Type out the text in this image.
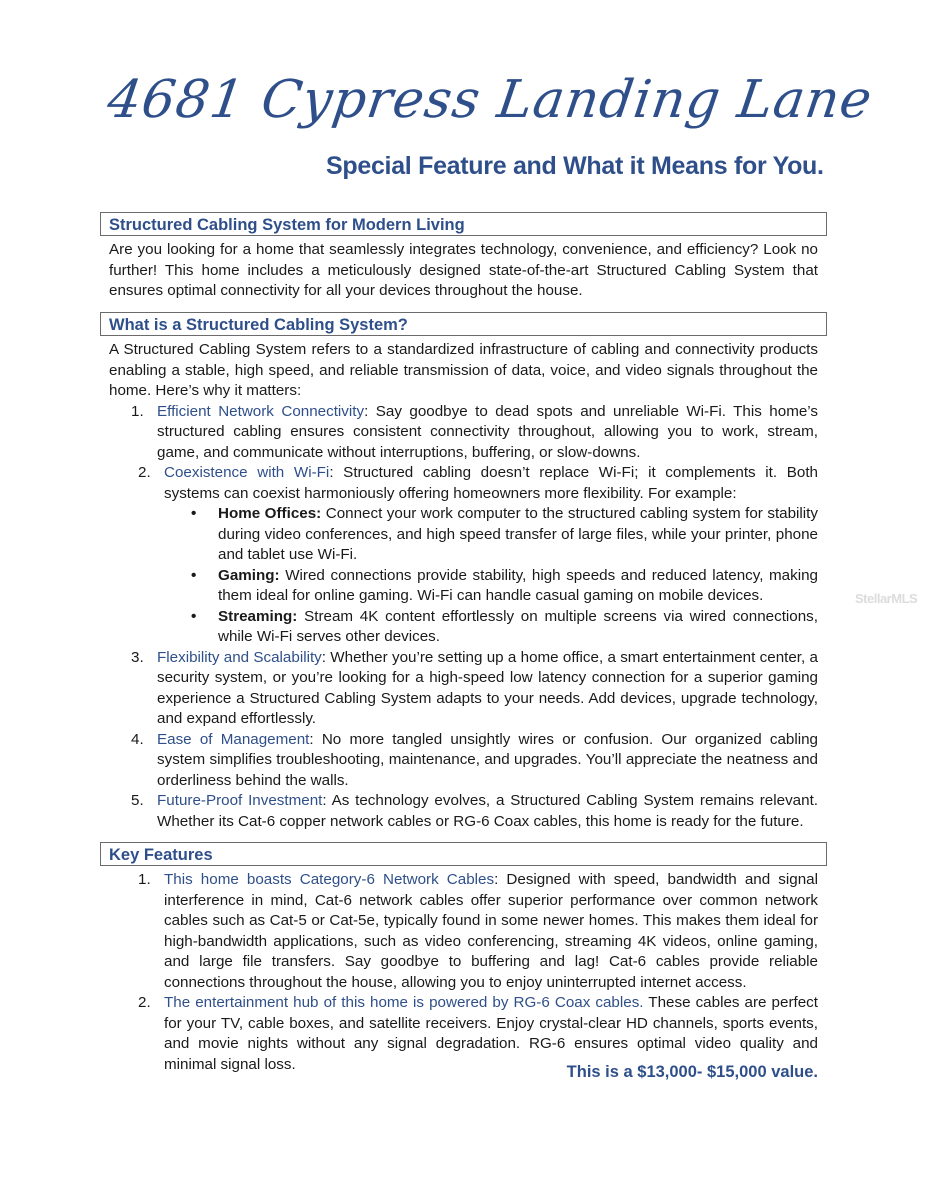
4681 Cypress Landing Lane
Special Feature and What it Means for You.
Structured Cabling System for Modern Living
Are you looking for a home that seamlessly integrates technology, convenience, and efficiency? Look no further! This home includes a meticulously designed state-of-the-art Structured Cabling System that ensures optimal connectivity for all your devices throughout the house.
What is a Structured Cabling System?
A Structured Cabling System refers to a standardized infrastructure of cabling and connectivity products enabling a stable, high speed, and reliable transmission of data, voice, and video signals throughout the home. Here’s why it matters:
1. Efficient Network Connectivity: Say goodbye to dead spots and unreliable Wi-Fi. This home’s structured cabling ensures consistent connectivity throughout, allowing you to work, stream, game, and communicate without interruptions, buffering, or slow-downs.
2. Coexistence with Wi-Fi: Structured cabling doesn’t replace Wi-Fi; it complements it. Both systems can coexist harmoniously offering homeowners more flexibility. For example:
• Home Offices: Connect your work computer to the structured cabling system for stability during video conferences, and high speed transfer of large files, while your printer, phone and tablet use Wi-Fi.
• Gaming: Wired connections provide stability, high speeds and reduced latency, making them ideal for online gaming. Wi-Fi can handle casual gaming on mobile devices.
• Streaming: Stream 4K content effortlessly on multiple screens via wired connections, while Wi-Fi serves other devices.
3. Flexibility and Scalability: Whether you’re setting up a home office, a smart entertainment center, a security system, or you’re looking for a high-speed low latency connection for a superior gaming experience a Structured Cabling System adapts to your needs. Add devices, upgrade technology, and expand effortlessly.
4. Ease of Management: No more tangled unsightly wires or confusion. Our organized cabling system simplifies troubleshooting, maintenance, and upgrades. You’ll appreciate the neatness and orderliness behind the walls.
5. Future-Proof Investment: As technology evolves, a Structured Cabling System remains relevant. Whether its Cat-6 copper network cables or RG-6 Coax cables, this home is ready for the future.
Key Features
1. This home boasts Category-6 Network Cables: Designed with speed, bandwidth and signal interference in mind, Cat-6 network cables offer superior performance over common network cables such as Cat-5 or Cat-5e, typically found in some newer homes. This makes them ideal for high-bandwidth applications, such as video conferencing, streaming 4K videos, online gaming, and large file transfers. Say goodbye to buffering and lag! Cat-6 cables provide reliable connections throughout the house, allowing you to enjoy uninterrupted internet access.
2. The entertainment hub of this home is powered by RG-6 Coax cables. These cables are perfect for your TV, cable boxes, and satellite receivers. Enjoy crystal-clear HD channels, sports events, and movie nights without any signal degradation. RG-6 ensures optimal video quality and minimal signal loss.	This is a $13,000- $15,000 value.
StellarMLS
